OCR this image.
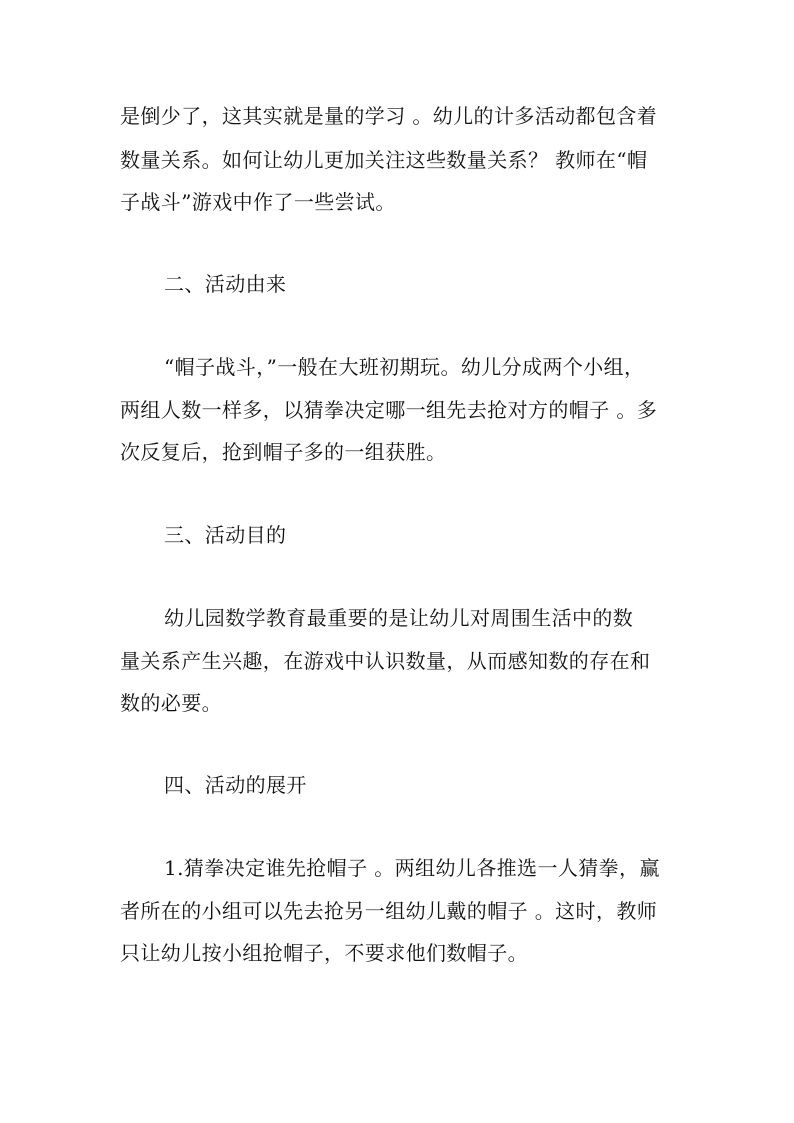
是倒少了，这其实就是量的学习 。幼儿的计多活动都包含着
数量关系。如何让幼儿更加关注这些数量关系？ 教师在“帽
子战斗”游戏中作了一些尝试。
二、活动由来
“帽子战斗，”一般在大班初期玩。幼儿分成两个小组，
两组人数一样多，以猜拳决定哪一组先去抢对方的帽子 。多
次反复后，抢到帽子多的一组获胜。
三、活动目的
幼儿园数学教育最重要的是让幼儿对周围生活中的数
量关系产生兴趣，在游戏中认识数量，从而感知数的存在和
数的必要。
四、活动的展开
1.猜拳决定谁先抢帽子 。两组幼儿各推选一人猜拳，赢
者所在的小组可以先去抢另一组幼儿戴的帽子 。这时，教师
只让幼儿按小组抢帽子，不要求他们数帽子。
